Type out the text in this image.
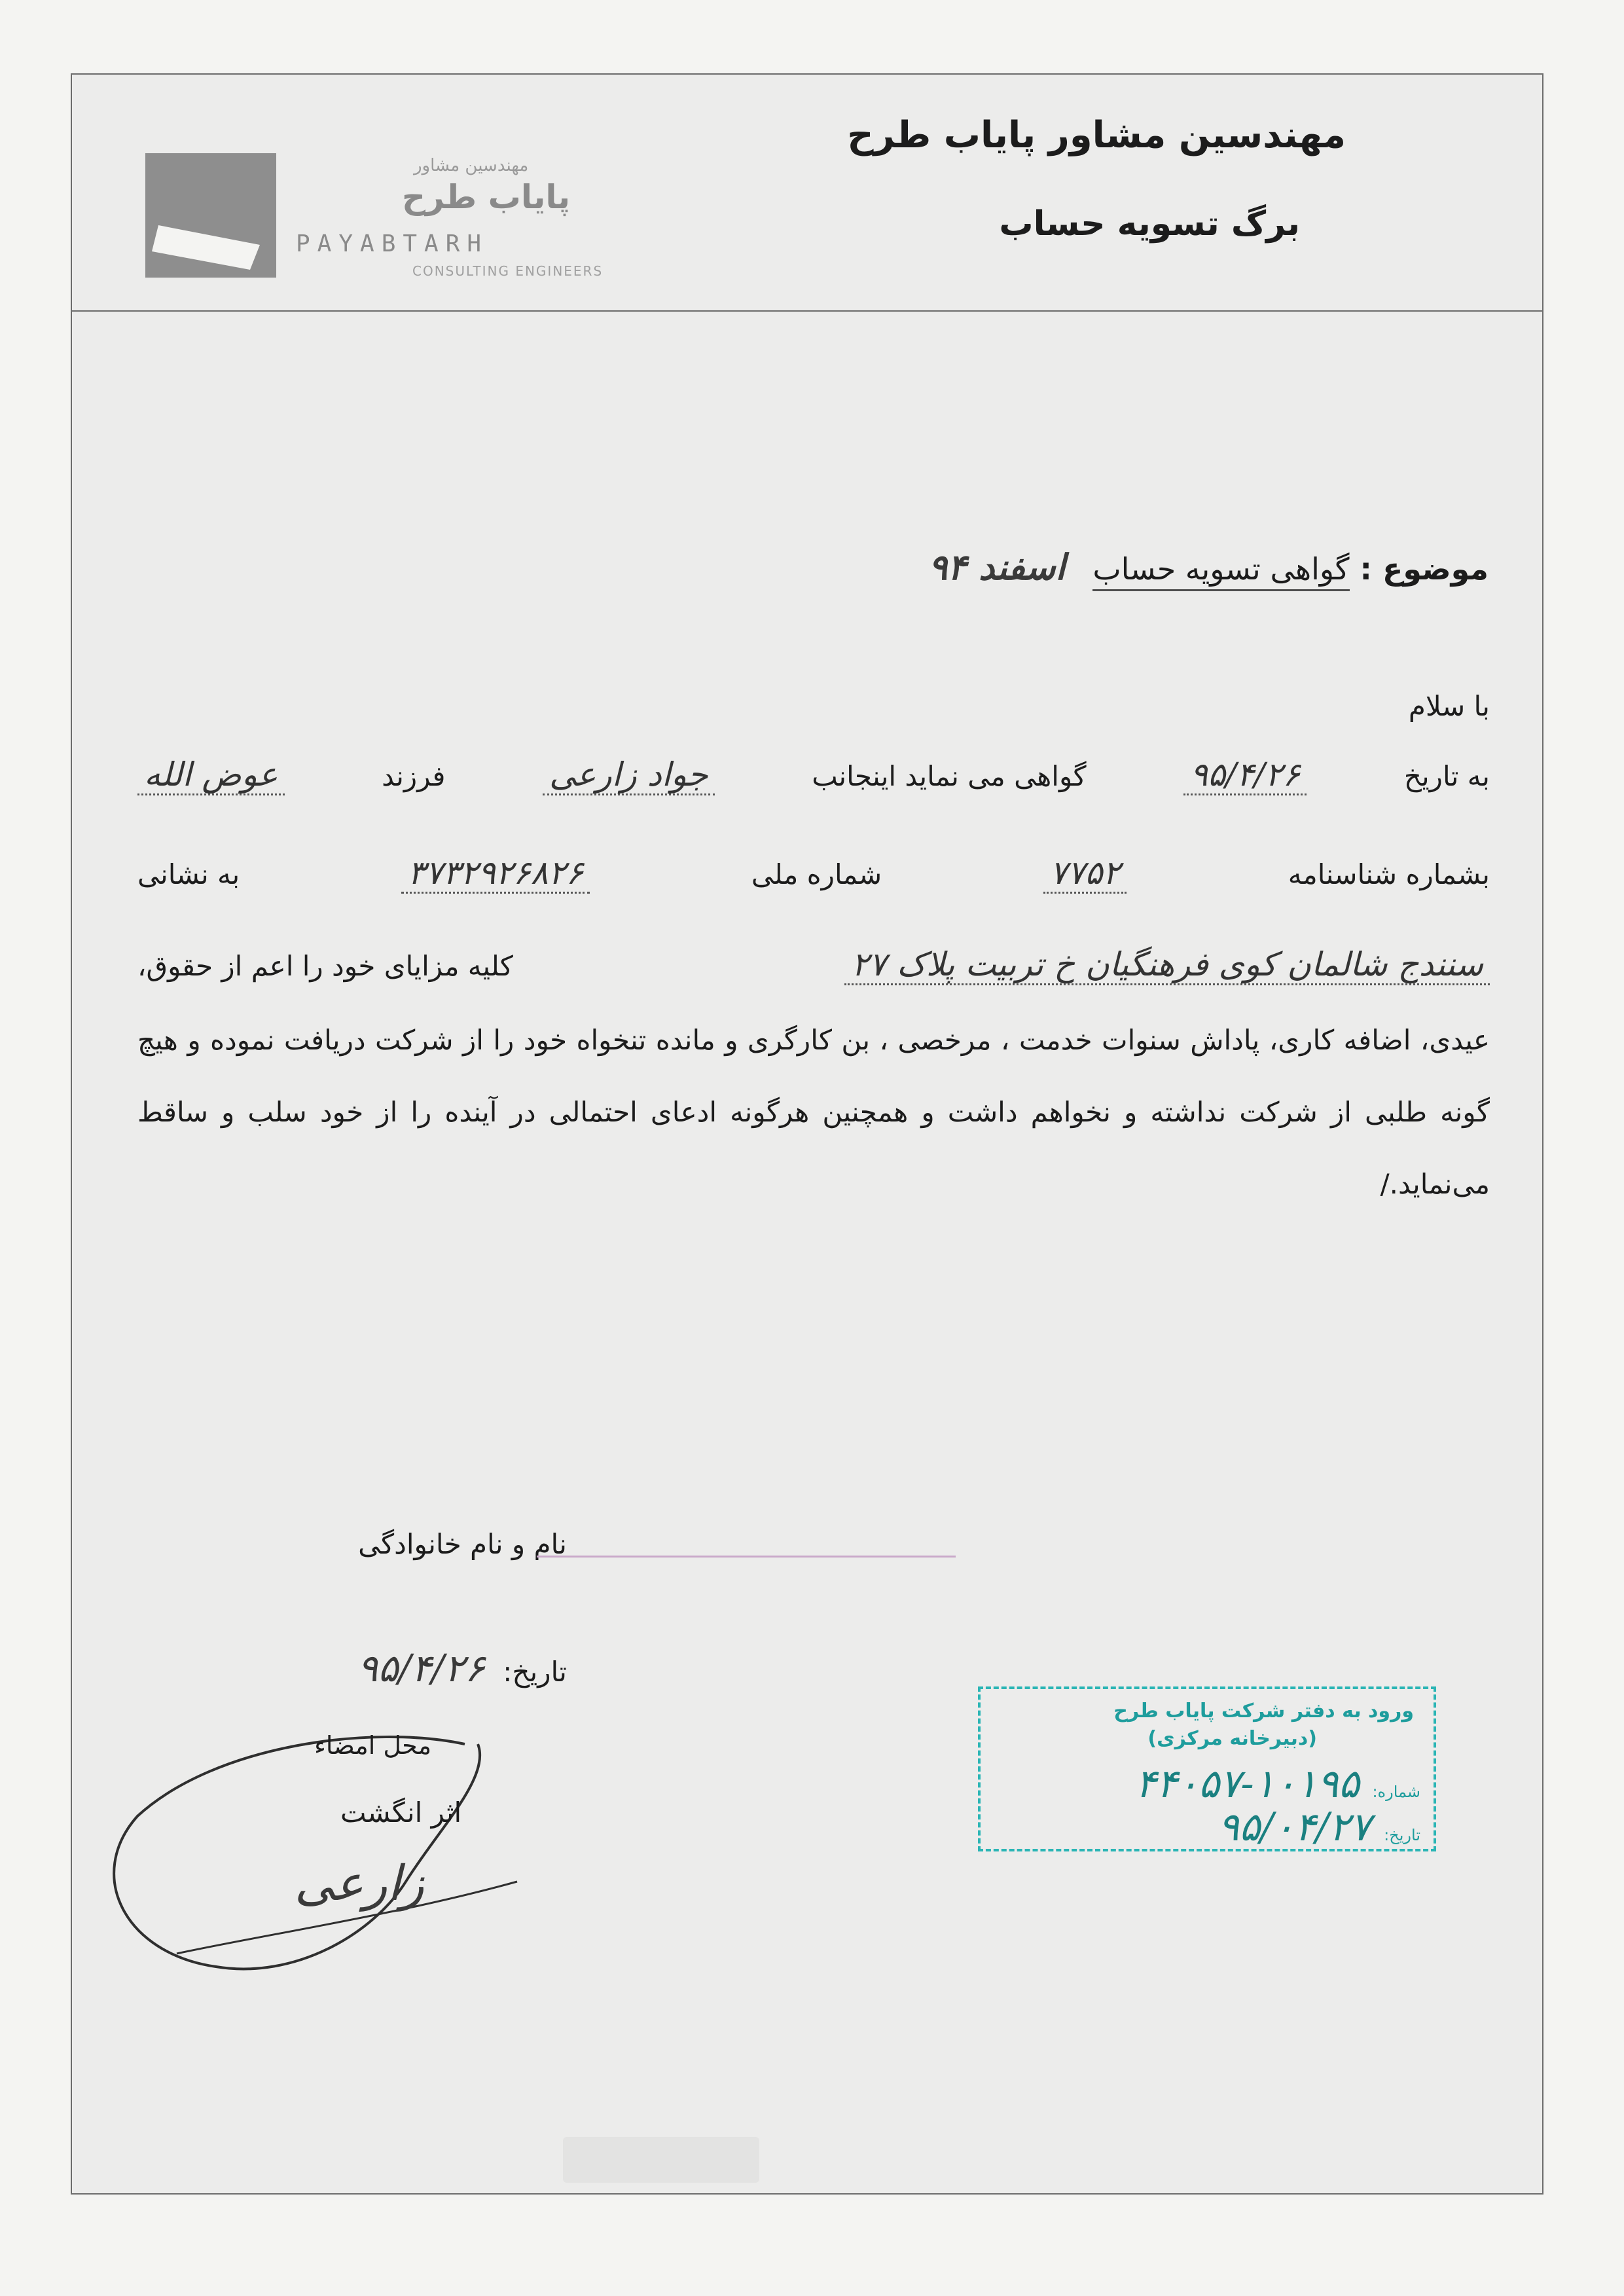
مهندسین مشاور پایاب طرح
برگ تسویه حساب
مهندسین مشاور
پایاب طرح
PAYABTARH
CONSULTING ENGINEERS
موضوع : گواهی تسویه حساب اسفند ۹۴
با سلام
به تاریخ
۹۵/۴/۲۶
گواهی می نماید اینجانب
جواد زارعی
فرزند
عوض الله
بشماره شناسنامه
۷۷۵۲
شماره ملی
۳۷۳۲۹۲۶۸۲۶
به نشانی
سنندج شالمان کوی فرهنگیان خ تربیت پلاک ۲۷
کلیه مزایای خود را اعم از حقوق،
عیدی، اضافه کاری، پاداش سنوات خدمت ، مرخصی ، بن کارگری و مانده تنخواه خود را از شرکت دریافت نموده و هیچ گونه طلبی از شرکت نداشته و نخواهم داشت و همچنین هرگونه ادعای احتمالی در آینده را از خود سلب و ساقط می‌نماید./
نام و نام خانوادگی
تاریخ: ۹۵/۴/۲۶
محل امضاء
اثر انگشت
زارعی
ورود به دفتر شرکت پایاب طرح
(دبیرخانه مرکزی)
شماره: ۱۰۱۹۵-۴۴۰۵۷
تاریخ: ۹۵/۰۴/۲۷
